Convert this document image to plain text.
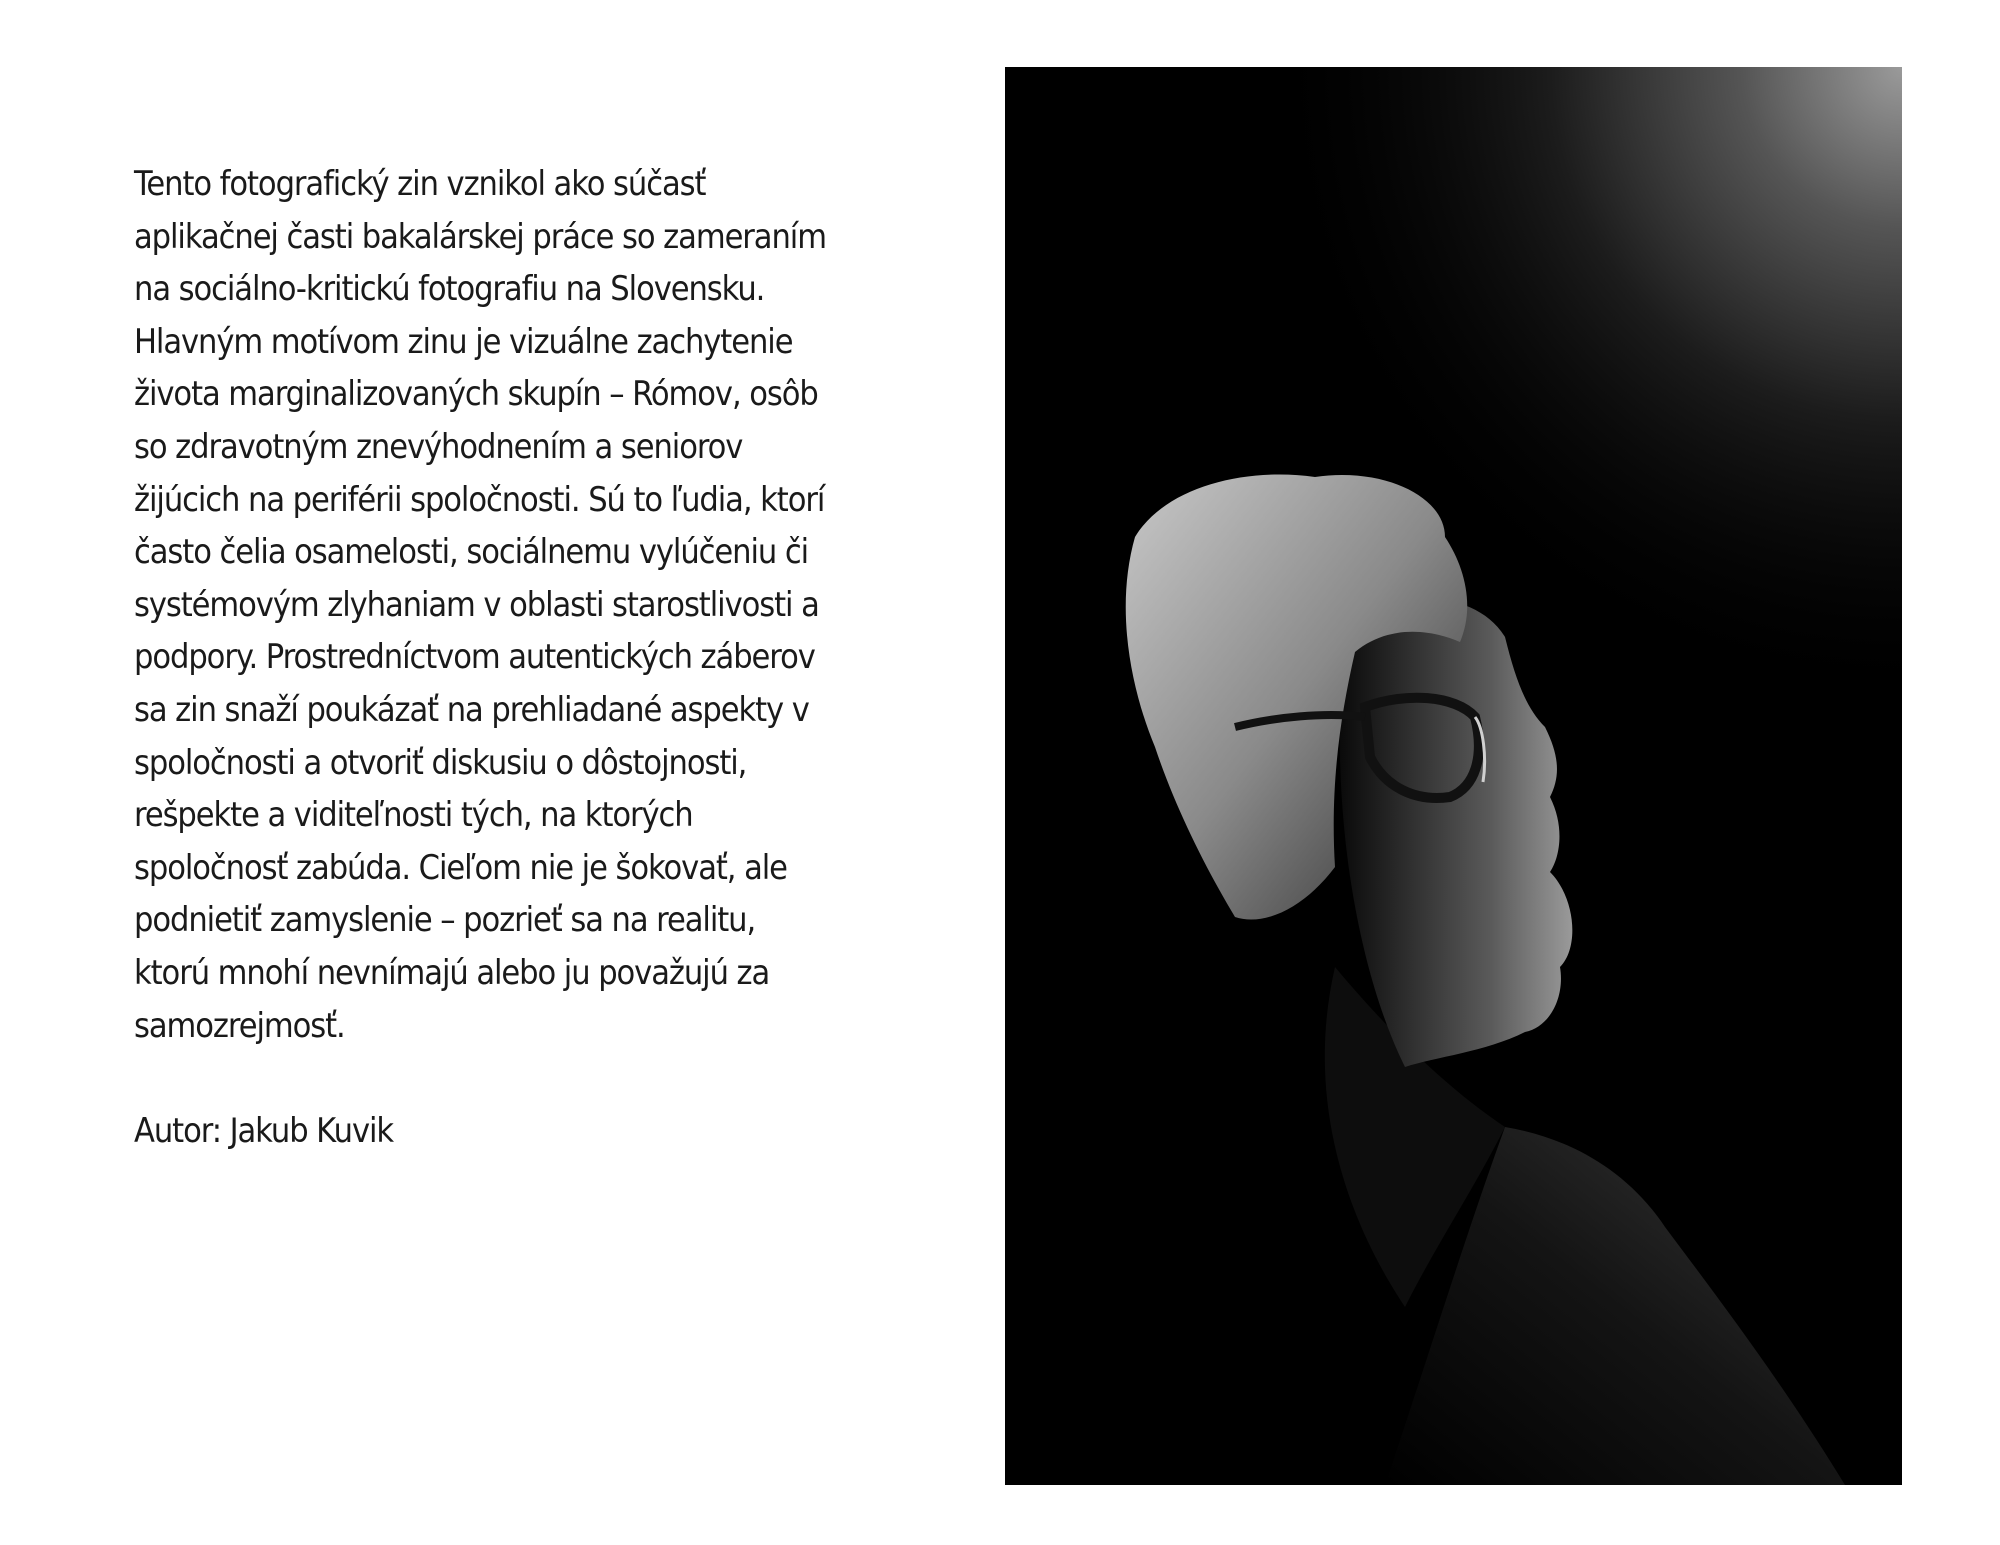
Tento fotografický zin vznikol ako súčasť
aplikačnej časti bakalárskej práce so zameraním
na sociálno-kritickú fotografiu na Slovensku.
Hlavným motívom zinu je vizuálne zachytenie
života marginalizovaných skupín – Rómov, osôb
so zdravotným znevýhodnením a seniorov
žijúcich na periférii spoločnosti. Sú to ľudia, ktorí
často čelia osamelosti, sociálnemu vylúčeniu či
systémovým zlyhaniam v oblasti starostlivosti a
podpory. Prostredníctvom autentických záberov
sa zin snaží poukázať na prehliadané aspekty v
spoločnosti a otvoriť diskusiu o dôstojnosti,
rešpekte a viditeľnosti tých, na ktorých
spoločnosť zabúda. Cieľom nie je šokovať, ale
podnietiť zamyslenie – pozrieť sa na realitu,
ktorú mnohí nevnímajú alebo ju považujú za
samozrejmosť.
Autor: Jakub Kuvik
